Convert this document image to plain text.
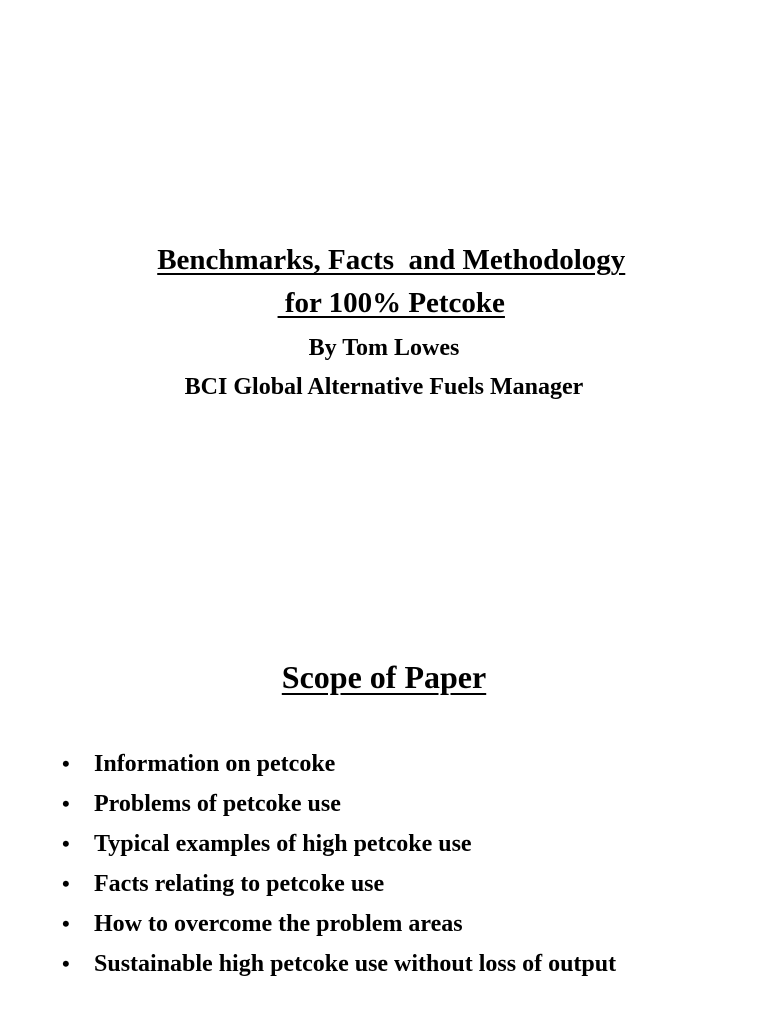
Benchmarks, Facts  and Methodology

for 100% Petcoke

By Tom Lowes
BCI Global Alternative Fuels Manager
Scope of Paper
•	Information on petcoke
•	Problems of petcoke use
•	Typical examples of high petcoke use
•	Facts relating to petcoke use
•	How to overcome the problem areas
•	Sustainable high petcoke use without loss of output
